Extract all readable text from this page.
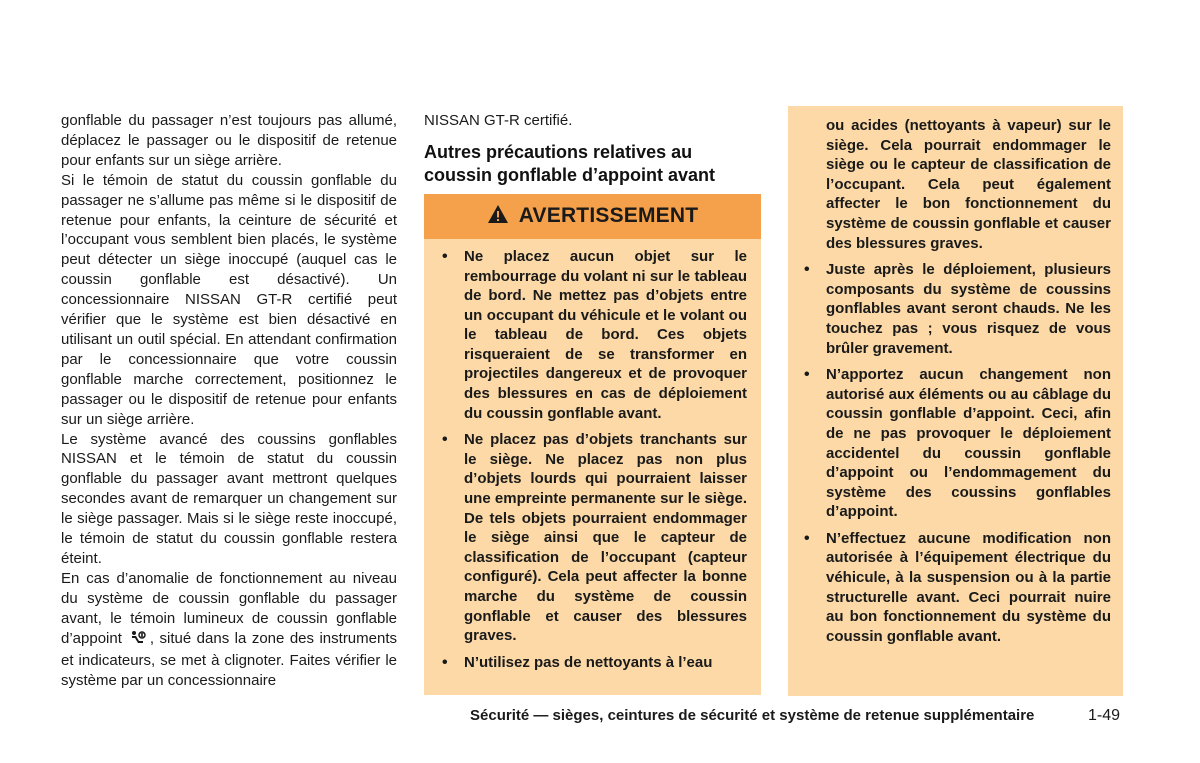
gonflable du passager n’est toujours pas allumé, déplacez le passager ou le dispositif de retenue pour enfants sur un siège arrière.

Si le témoin de statut du coussin gonflable du passager ne s’allume pas même si le dispositif de retenue pour enfants, la ceinture de sécurité et l’occupant vous semblent bien placés, le système peut détecter un siège inoccupé (auquel cas le coussin gonflable est désactivé). Un concessionnaire NISSAN GT-R certifié peut vérifier que le système est bien désactivé en utilisant un outil spécial. En attendant confirmation par le concessionnaire que votre coussin gonflable marche correctement, positionnez le passager ou le dispositif de retenue pour enfants sur un siège arrière.

Le système avancé des coussins gonflables NISSAN et le témoin de statut du coussin gonflable du passager avant mettront quelques secondes avant de remarquer un changement sur le siège passager. Mais si le siège reste inoccupé, le témoin de statut du coussin gonflable restera éteint.

En cas d’anomalie de fonctionnement au niveau du système de coussin gonflable du passager avant, le témoin lumineux de coussin gonflable d’appoint , situé dans la zone des instruments et indicateurs, se met à clignoter. Faites vérifier le système par un concessionnaire

NISSAN GT-R certifié.

Autres précautions relatives au coussin gonflable d’appoint avant
AVERTISSEMENT
• Ne placez aucun objet sur le rembourrage du volant ni sur le tableau de bord. Ne mettez pas d’objets entre un occupant du véhicule et le volant ou le tableau de bord. Ces objets risqueraient de se transformer en projectiles dangereux et de provoquer des blessures en cas de déploiement du coussin gonflable avant.
• Ne placez pas d’objets tranchants sur le siège. Ne placez pas non plus d’objets lourds qui pourraient laisser une empreinte permanente sur le siège. De tels objets pourraient endommager le siège ainsi que le capteur de classification de l’occupant (capteur configuré). Cela peut affecter la bonne marche du système de coussin gonflable et causer des blessures graves.
• N’utilisez pas de nettoyants à l’eau
ou acides (nettoyants à vapeur) sur le siège. Cela pourrait endommager le siège ou le capteur de classification de l’occupant. Cela peut également affecter le bon fonctionnement du système de coussin gonflable et causer des blessures graves.
• Juste après le déploiement, plusieurs composants du système de coussins gonflables avant seront chauds. Ne les touchez pas ; vous risquez de vous brûler gravement.
• N’apportez aucun changement non autorisé aux éléments ou au câblage du coussin gonflable d’appoint. Ceci, afin de ne pas provoquer le déploiement accidentel du coussin gonflable d’appoint ou l’endommagement du système des coussins gonflables d’appoint.
• N’effectuez aucune modification non autorisée à l’équipement électrique du véhicule, à la suspension ou à la partie structurelle avant. Ceci pourrait nuire au bon fonctionnement du système du coussin gonflable avant.
Sécurité — sièges, ceintures de sécurité et système de retenue supplémentaire	1-49
